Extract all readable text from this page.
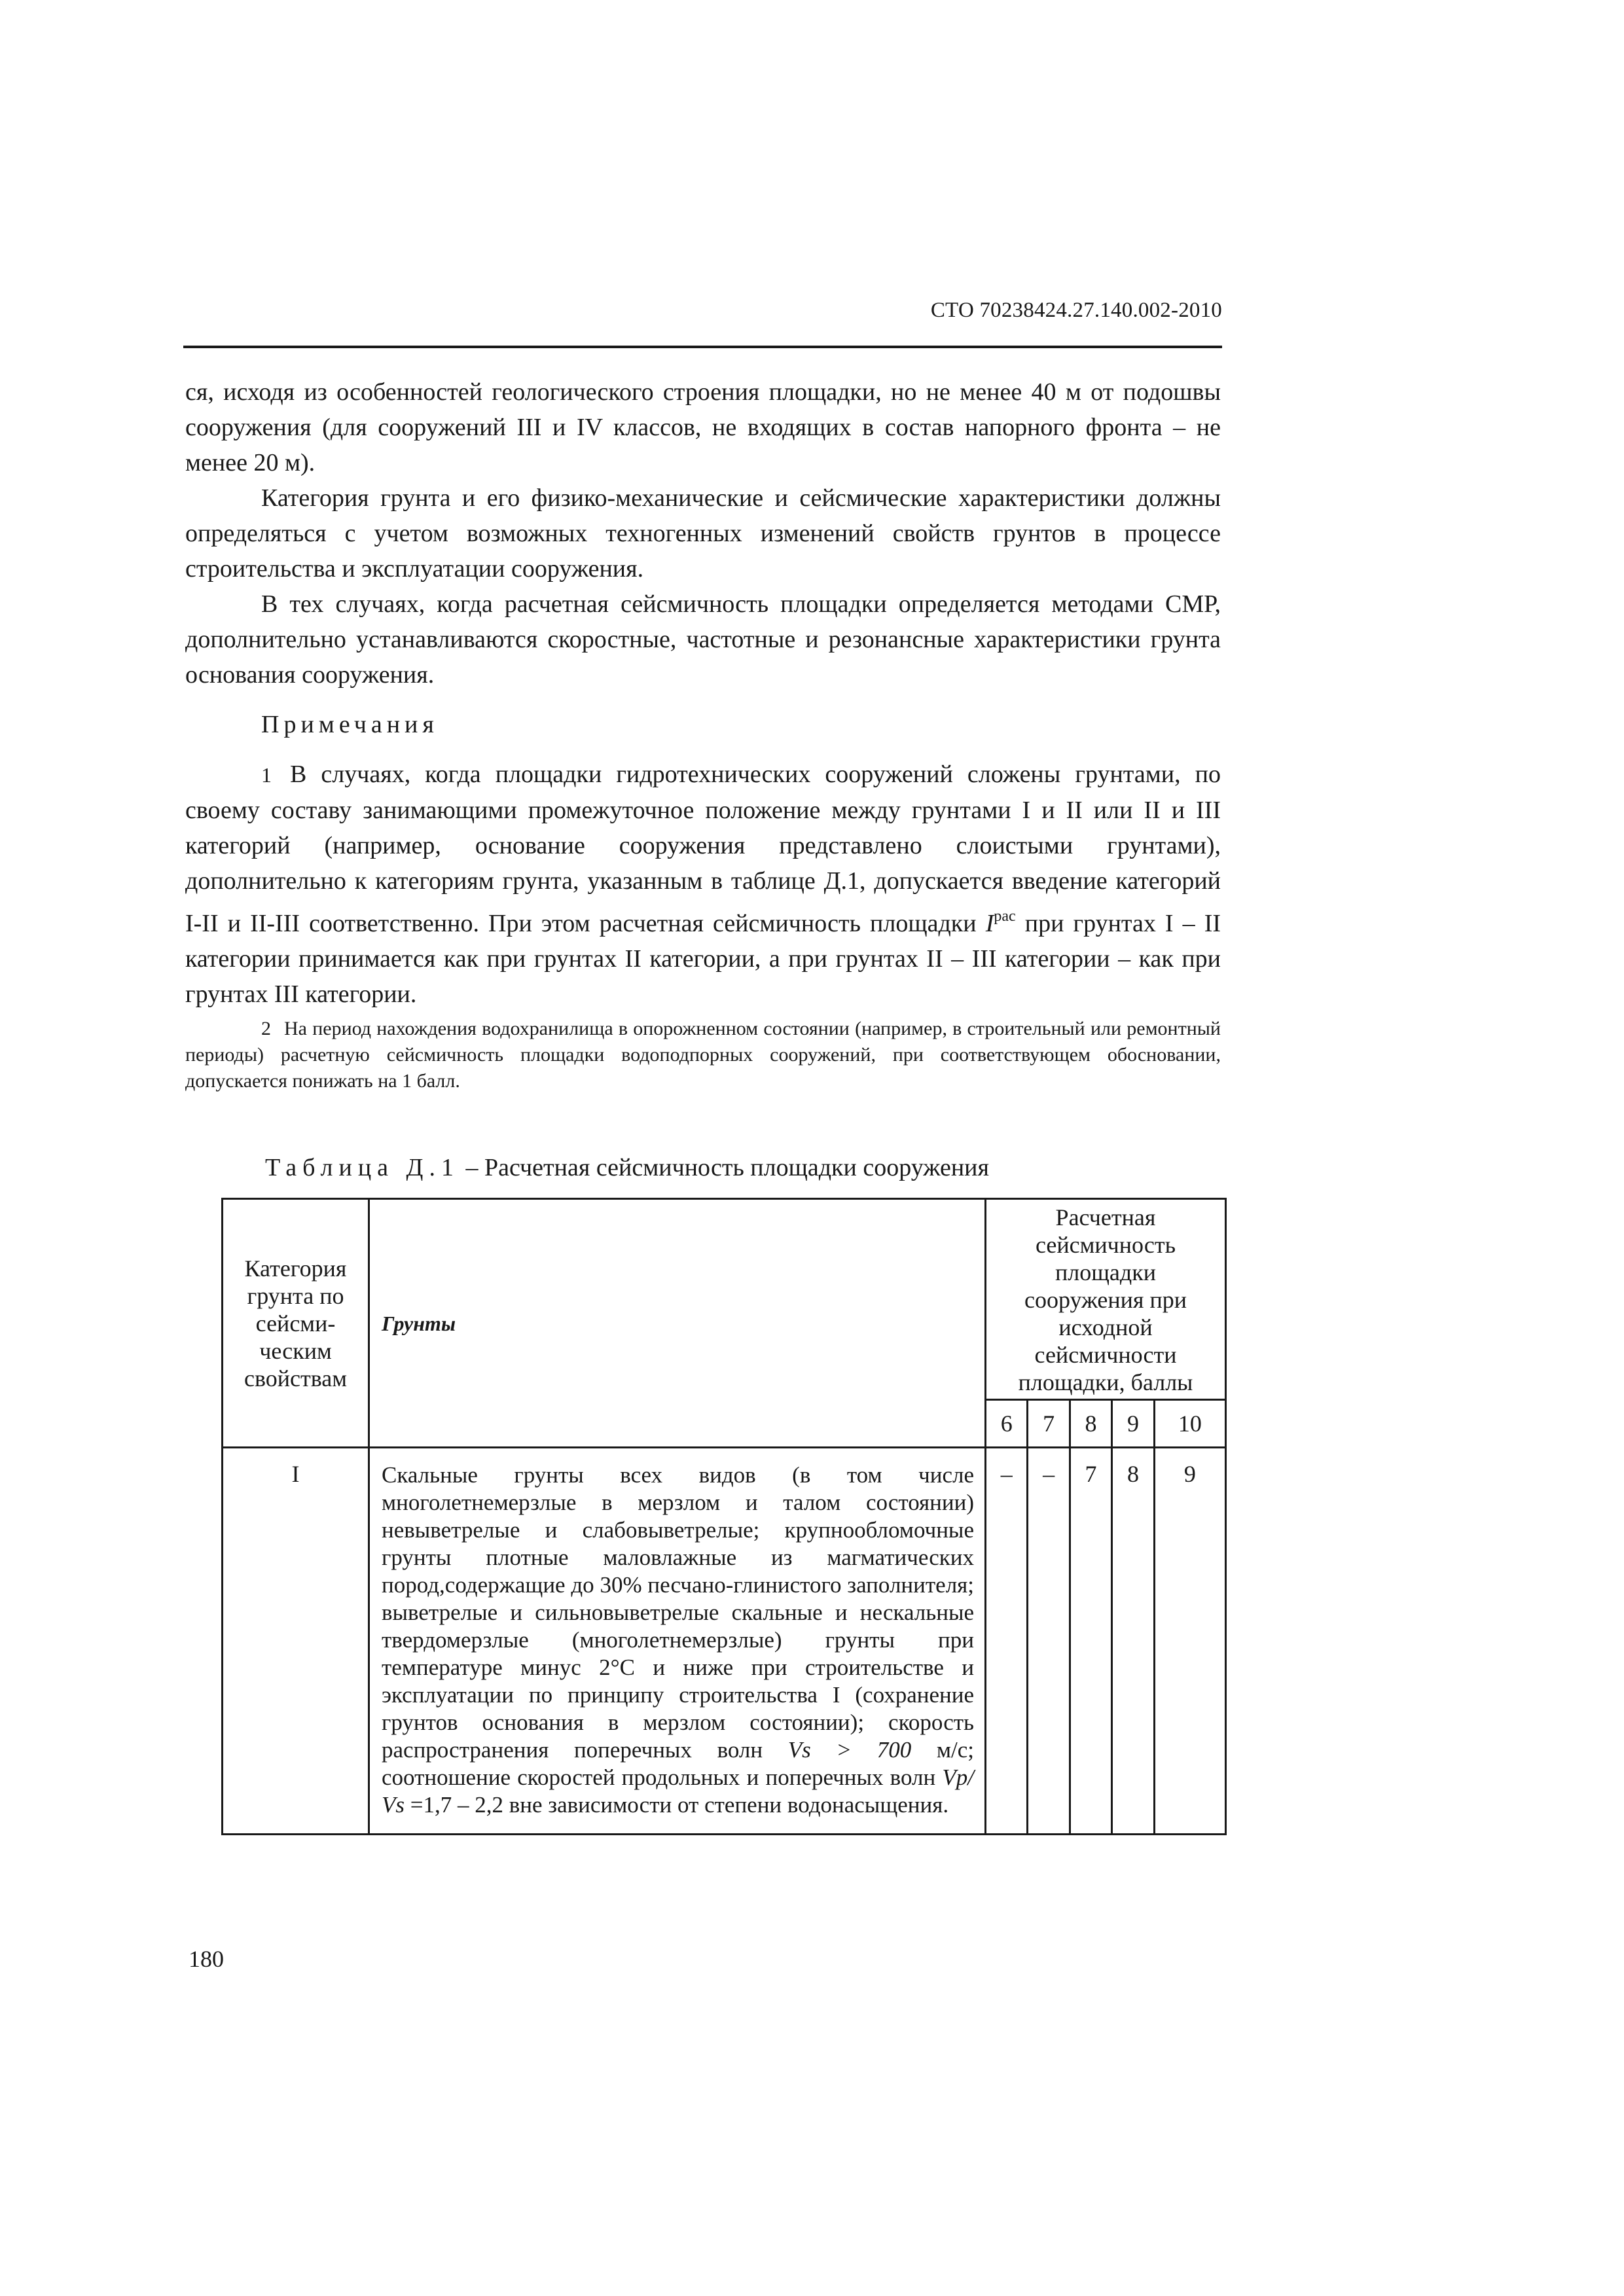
СТО 70238424.27.140.002-2010

ся, исходя из особенностей геологического строения площадки, но не менее 40 м от подошвы сооружения (для сооружений III и IV классов, не входящих в состав напорного фронта – не менее 20 м).

Категория грунта и его физико-механические и сейсмические характеристики должны определяться с учетом возможных техногенных изменений свойств грунтов в процессе строительства и эксплуатации сооружения.

В тех случаях, когда расчетная сейсмичность площадки определяется методами СМР, дополнительно устанавливаются скоростные, частотные и резонансные характеристики грунта основания сооружения.

Примечания

1 В случаях, когда площадки гидротехнических сооружений сложены грунтами, по своему составу занимающими промежуточное положение между грунтами I и II или II и III категорий (например, основание сооружения представлено слоистыми грунтами), дополнительно к категориям грунта, указанным в таблице Д.1, допускается введение категорий I-II и II-III соответственно. При этом расчетная сейсмичность площадки $I^{рас}$ при грунтах I – II категории принимается как при грунтах II категории, а при грунтах II – III категории – как при грунтах III категории.

2 На период нахождения водохранилища в опорожненном состоянии (например, в строительный или ремонтный периоды) расчетную сейсмичность площадки водоподпорных сооружений, при соответствующем обосновании, допускается понижать на 1 балл.

Таблица Д.1 – Расчетная сейсмичность площадки сооружения
Категория грунта по сейсми-ческим свойствам	Грунты	Расчетная сейсмичность площадки сооружения при исходной сейсмичности площадки, баллы				
		6	7	8	9	10
I	Скальные грунты всех видов (в том числе многолетнемерзлые в мерзлом и талом состоянии) невыветрелые и слабовыветрелые; крупнообломочные грунты плотные маловлажные из магматических пород,содержащие до 30% песчано-глинистого заполнителя; выветрелые и сильновыветрелые скальные и нескальные твердомерзлые (многолетнемерзлые) грунты при температуре минус 2°С и ниже при строительстве и эксплуатации по принципу строительства I (сохранение грунтов основания в мерзлом состоянии); скорость распространения поперечных волн Vs > 700 м/с; соотношение скоростей продольных и поперечных волн Vp/ Vs =1,7 – 2,2 вне зависимости от степени водонасыщения.	–	–	7	8	9
180
